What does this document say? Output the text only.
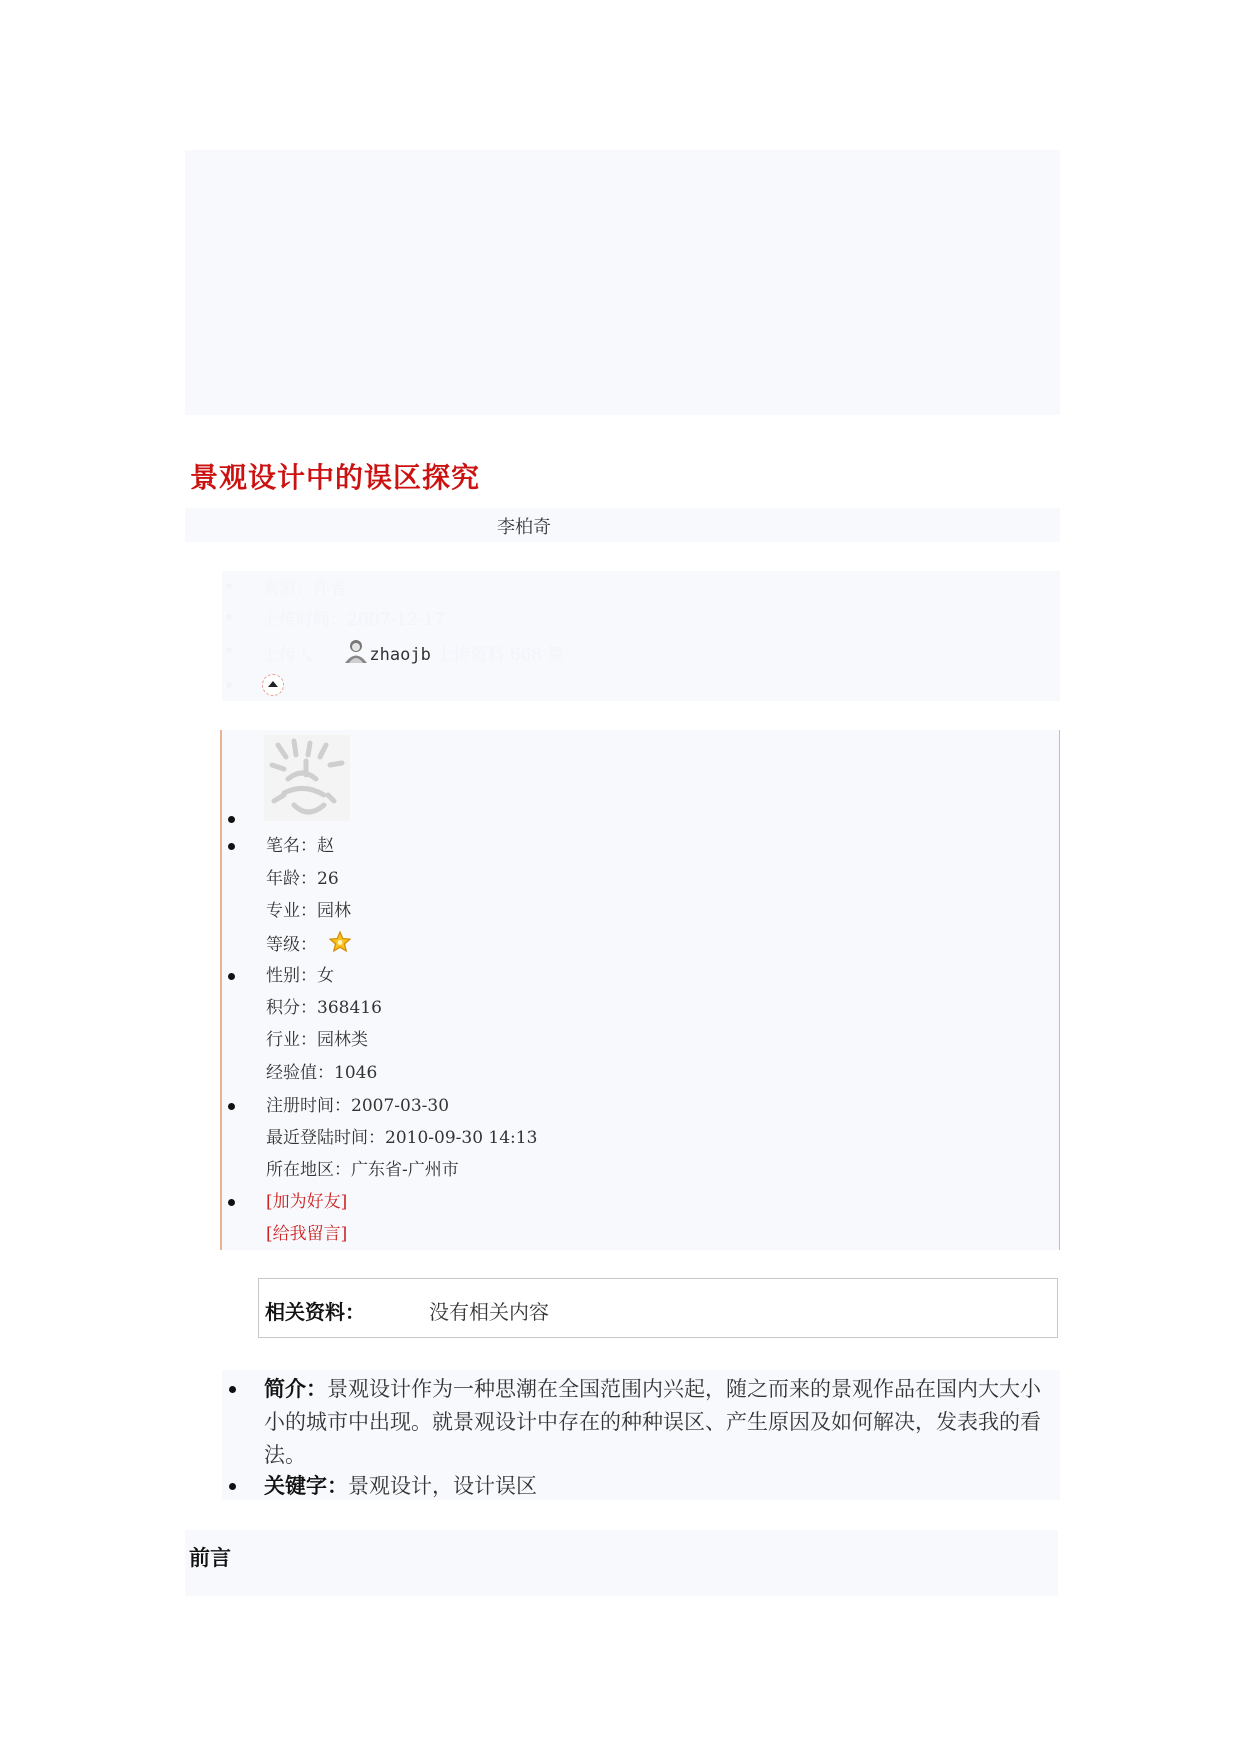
景观设计中的误区探究
李柏奇
来源：作者
上传时间：2007-12-17
上传人： zhaojb 上传资料 668 篇
笔名：赵
年龄：26
专业：园林
等级：
性别：女
积分：368416
行业：园林类
经验值：1046
注册时间：2007-03-30
最近登陆时间：2010-09-30 14:13
所在地区：广东省-广州市
[加为好友]
[给我留言]
相关资料：	没有相关内容
简介：景观设计作为一种思潮在全国范围内兴起，随之而来的景观作品在国内大大小小的城市中出现。就景观设计中存在的种种误区、产生原因及如何解决，发表我的看法。
关键字：景观设计，设计误区
前言
